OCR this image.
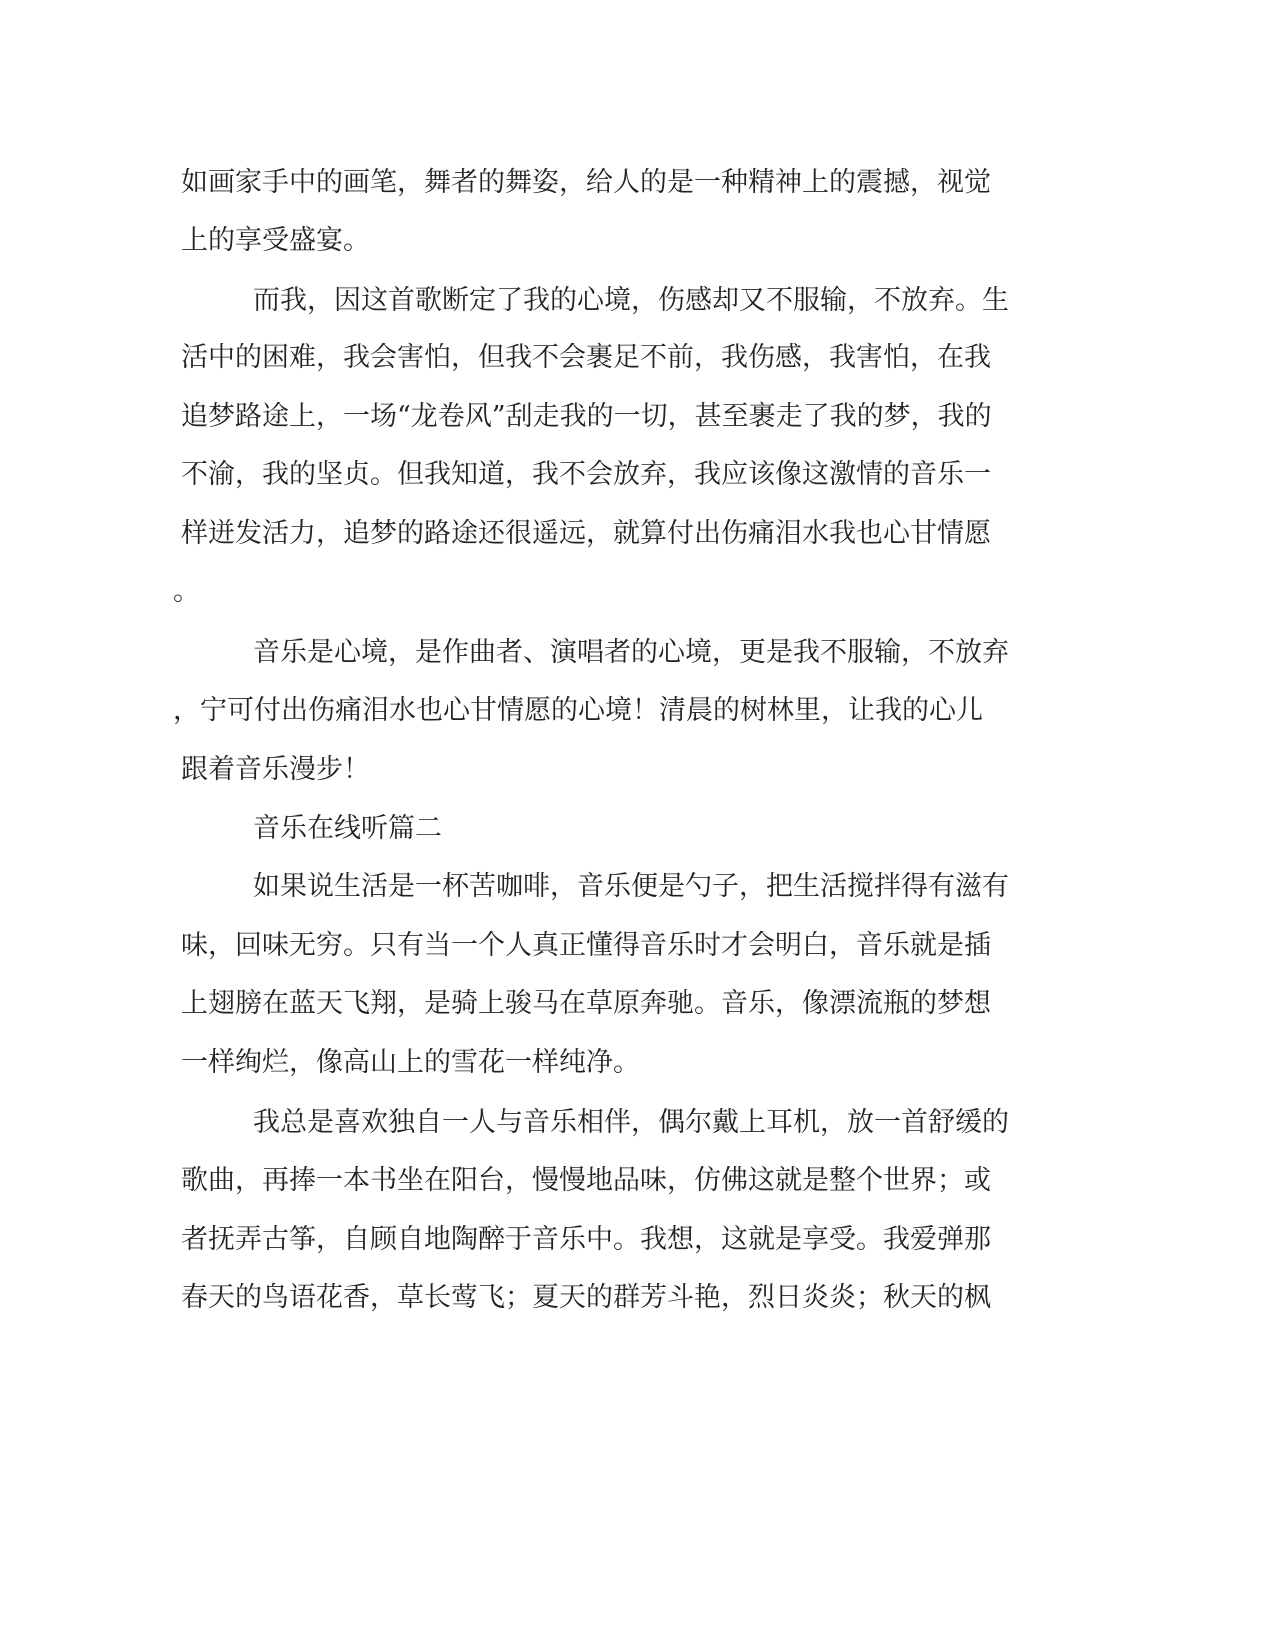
如画家手中的画笔，舞者的舞姿，给人的是一种精神上的震撼，视觉
上的享受盛宴。
而我，因这首歌断定了我的心境，伤感却又不服输，不放弃。生
活中的困难，我会害怕，但我不会裹足不前，我伤感，我害怕，在我
追梦路途上，一场“龙卷风”刮走我的一切，甚至裹走了我的梦，我的
不渝，我的坚贞。但我知道，我不会放弃，我应该像这激情的音乐一
样迸发活力，追梦的路途还很遥远，就算付出伤痛泪水我也心甘情愿
。
音乐是心境，是作曲者、演唱者的心境，更是我不服输，不放弃
，宁可付出伤痛泪水也心甘情愿的心境！清晨的树林里，让我的心儿
跟着音乐漫步！
音乐在线听篇二
如果说生活是一杯苦咖啡，音乐便是勺子，把生活搅拌得有滋有
味，回味无穷。只有当一个人真正懂得音乐时才会明白，音乐就是插
上翅膀在蓝天飞翔，是骑上骏马在草原奔驰。音乐，像漂流瓶的梦想
一样绚烂，像高山上的雪花一样纯净。
我总是喜欢独自一人与音乐相伴，偶尔戴上耳机，放一首舒缓的
歌曲，再捧一本书坐在阳台，慢慢地品味，仿佛这就是整个世界；或
者抚弄古筝，自顾自地陶醉于音乐中。我想，这就是享受。我爱弹那
春天的鸟语花香，草长莺飞；夏天的群芳斗艳，烈日炎炎；秋天的枫
